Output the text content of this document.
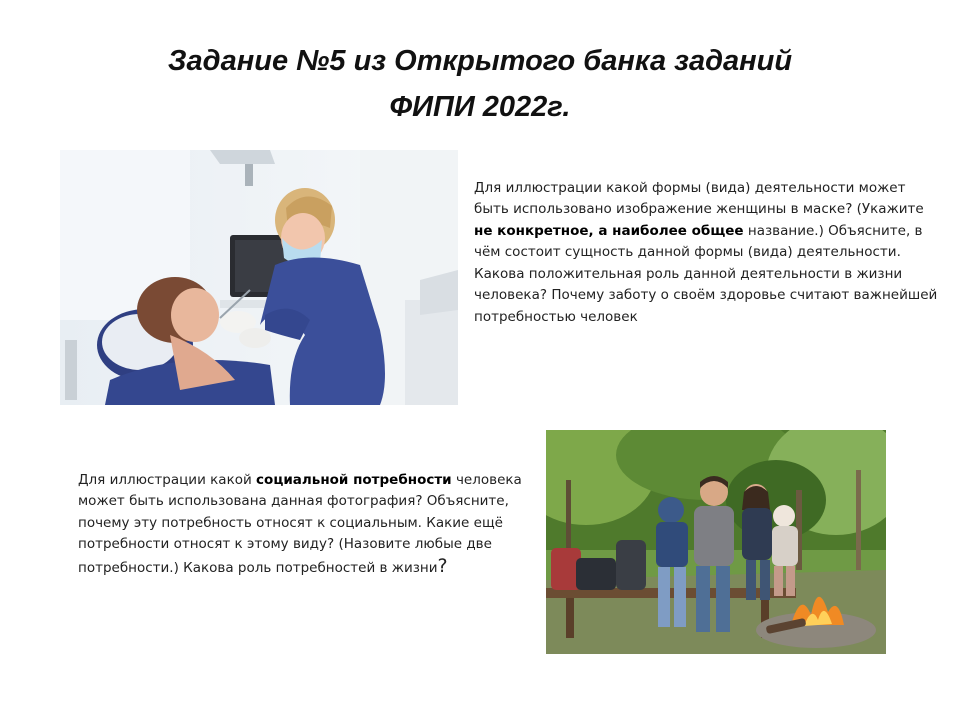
Задание №5 из Открытого банка заданий
ФИПИ 2022г.

Для иллюстрации какой формы (вида) деятельности может быть использовано изображение женщины в маске? (Укажите не конкретное, а наиболее общее название.) Объясните, в чём состоит сущность данной формы (вида) деятельности. Какова положительная роль данной деятельности в жизни человека? Почему заботу о своём здоровье считают важнейшей потребностью человек

Для иллюстрации какой социальной потребности человека может быть использована данная фотография? Объясните, почему эту потребность относят к социальным. Какие ещё потребности относят к этому виду? (Назовите любые две потребности.) Какова роль потребностей в жизни?
